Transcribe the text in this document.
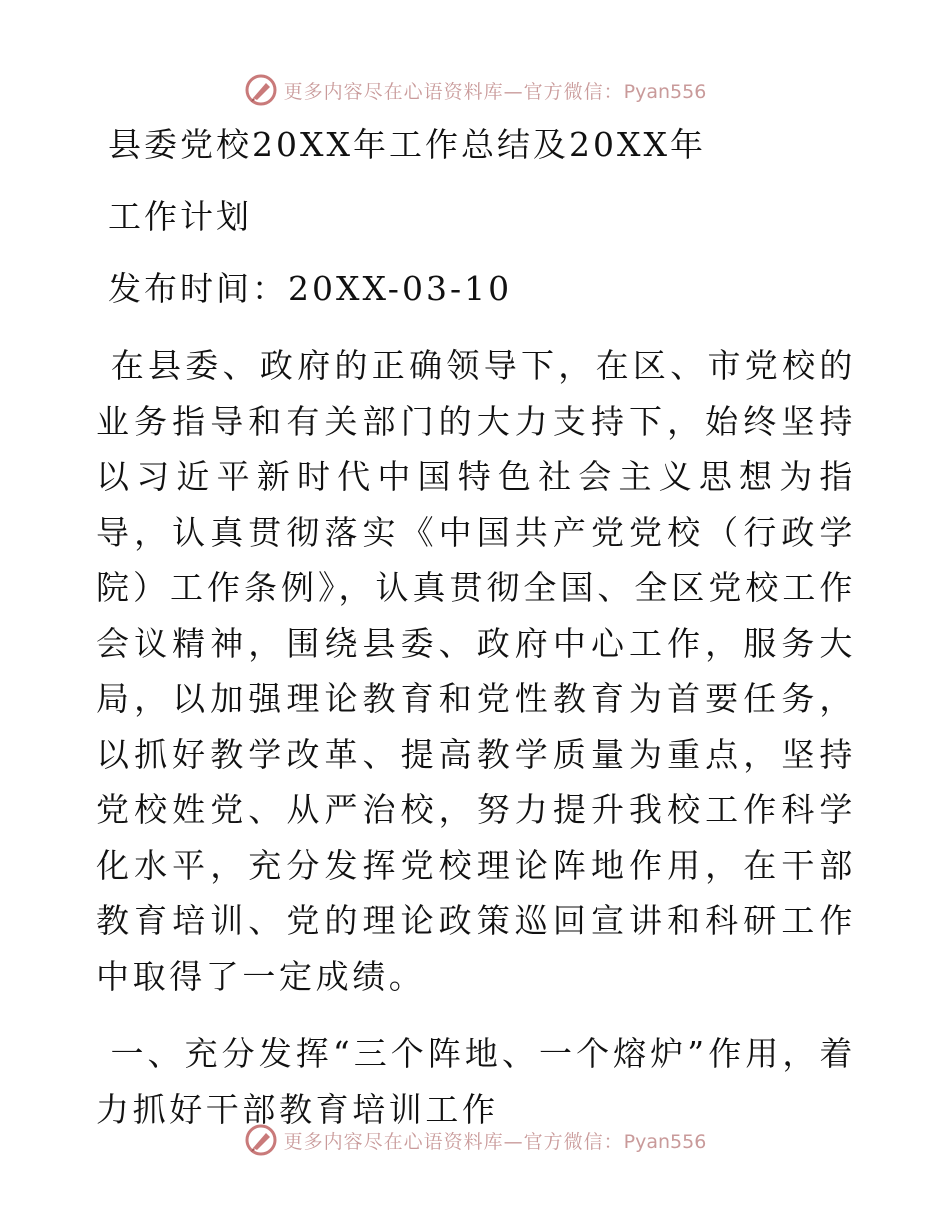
更多内容尽在心语资料库—官方微信：Pyan556
县委党校20XX年工作总结及20XX年
工作计划
发布时间：20XX-03-10
在县委、政府的正确领导下，在区、市党校的业务指导和有关部门的大力支持下，始终坚持以习近平新时代中国特色社会主义思想为指导，认真贯彻落实《中国共产党党校（行政学院）工作条例》，认真贯彻全国、全区党校工作会议精神，围绕县委、政府中心工作，服务大局，以加强理论教育和党性教育为首要任务，以抓好教学改革、提高教学质量为重点，坚持党校姓党、从严治校，努力提升我校工作科学化水平，充分发挥党校理论阵地作用，在干部教育培训、党的理论政策巡回宣讲和科研工作中取得了一定成绩。
一、充分发挥“三个阵地、一个熔炉”作用，着力抓好干部教育培训工作
更多内容尽在心语资料库—官方微信：Pyan556
